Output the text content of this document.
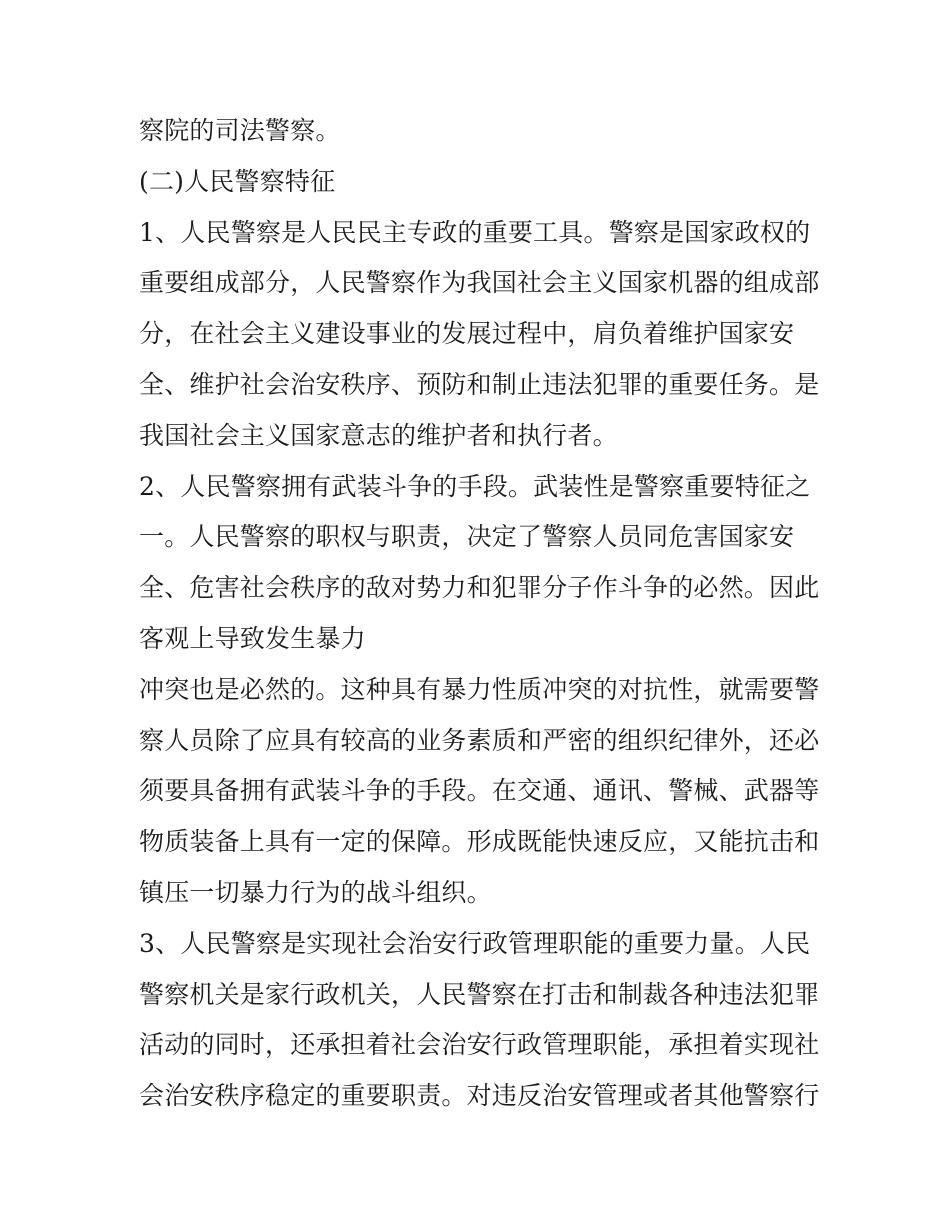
察院的司法警察。
(二)人民警察特征
1、人民警察是人民民主专政的重要工具。警察是国家政权的
重要组成部分，人民警察作为我国社会主义国家机器的组成部
分，在社会主义建设事业的发展过程中，肩负着维护国家安
全、维护社会治安秩序、预防和制止违法犯罪的重要任务。是
我国社会主义国家意志的维护者和执行者。
2、人民警察拥有武装斗争的手段。武装性是警察重要特征之
一。人民警察的职权与职责，决定了警察人员同危害国家安
全、危害社会秩序的敌对势力和犯罪分子作斗争的必然。因此
客观上导致发生暴力
冲突也是必然的。这种具有暴力性质冲突的对抗性，就需要警
察人员除了应具有较高的业务素质和严密的组织纪律外，还必
须要具备拥有武装斗争的手段。在交通、通讯、警械、武器等
物质装备上具有一定的保障。形成既能快速反应，又能抗击和
镇压一切暴力行为的战斗组织。
3、人民警察是实现社会治安行政管理职能的重要力量。人民
警察机关是家行政机关，人民警察在打击和制裁各种违法犯罪
活动的同时，还承担着社会治安行政管理职能，承担着实现社
会治安秩序稳定的重要职责。对违反治安管理或者其他警察行
